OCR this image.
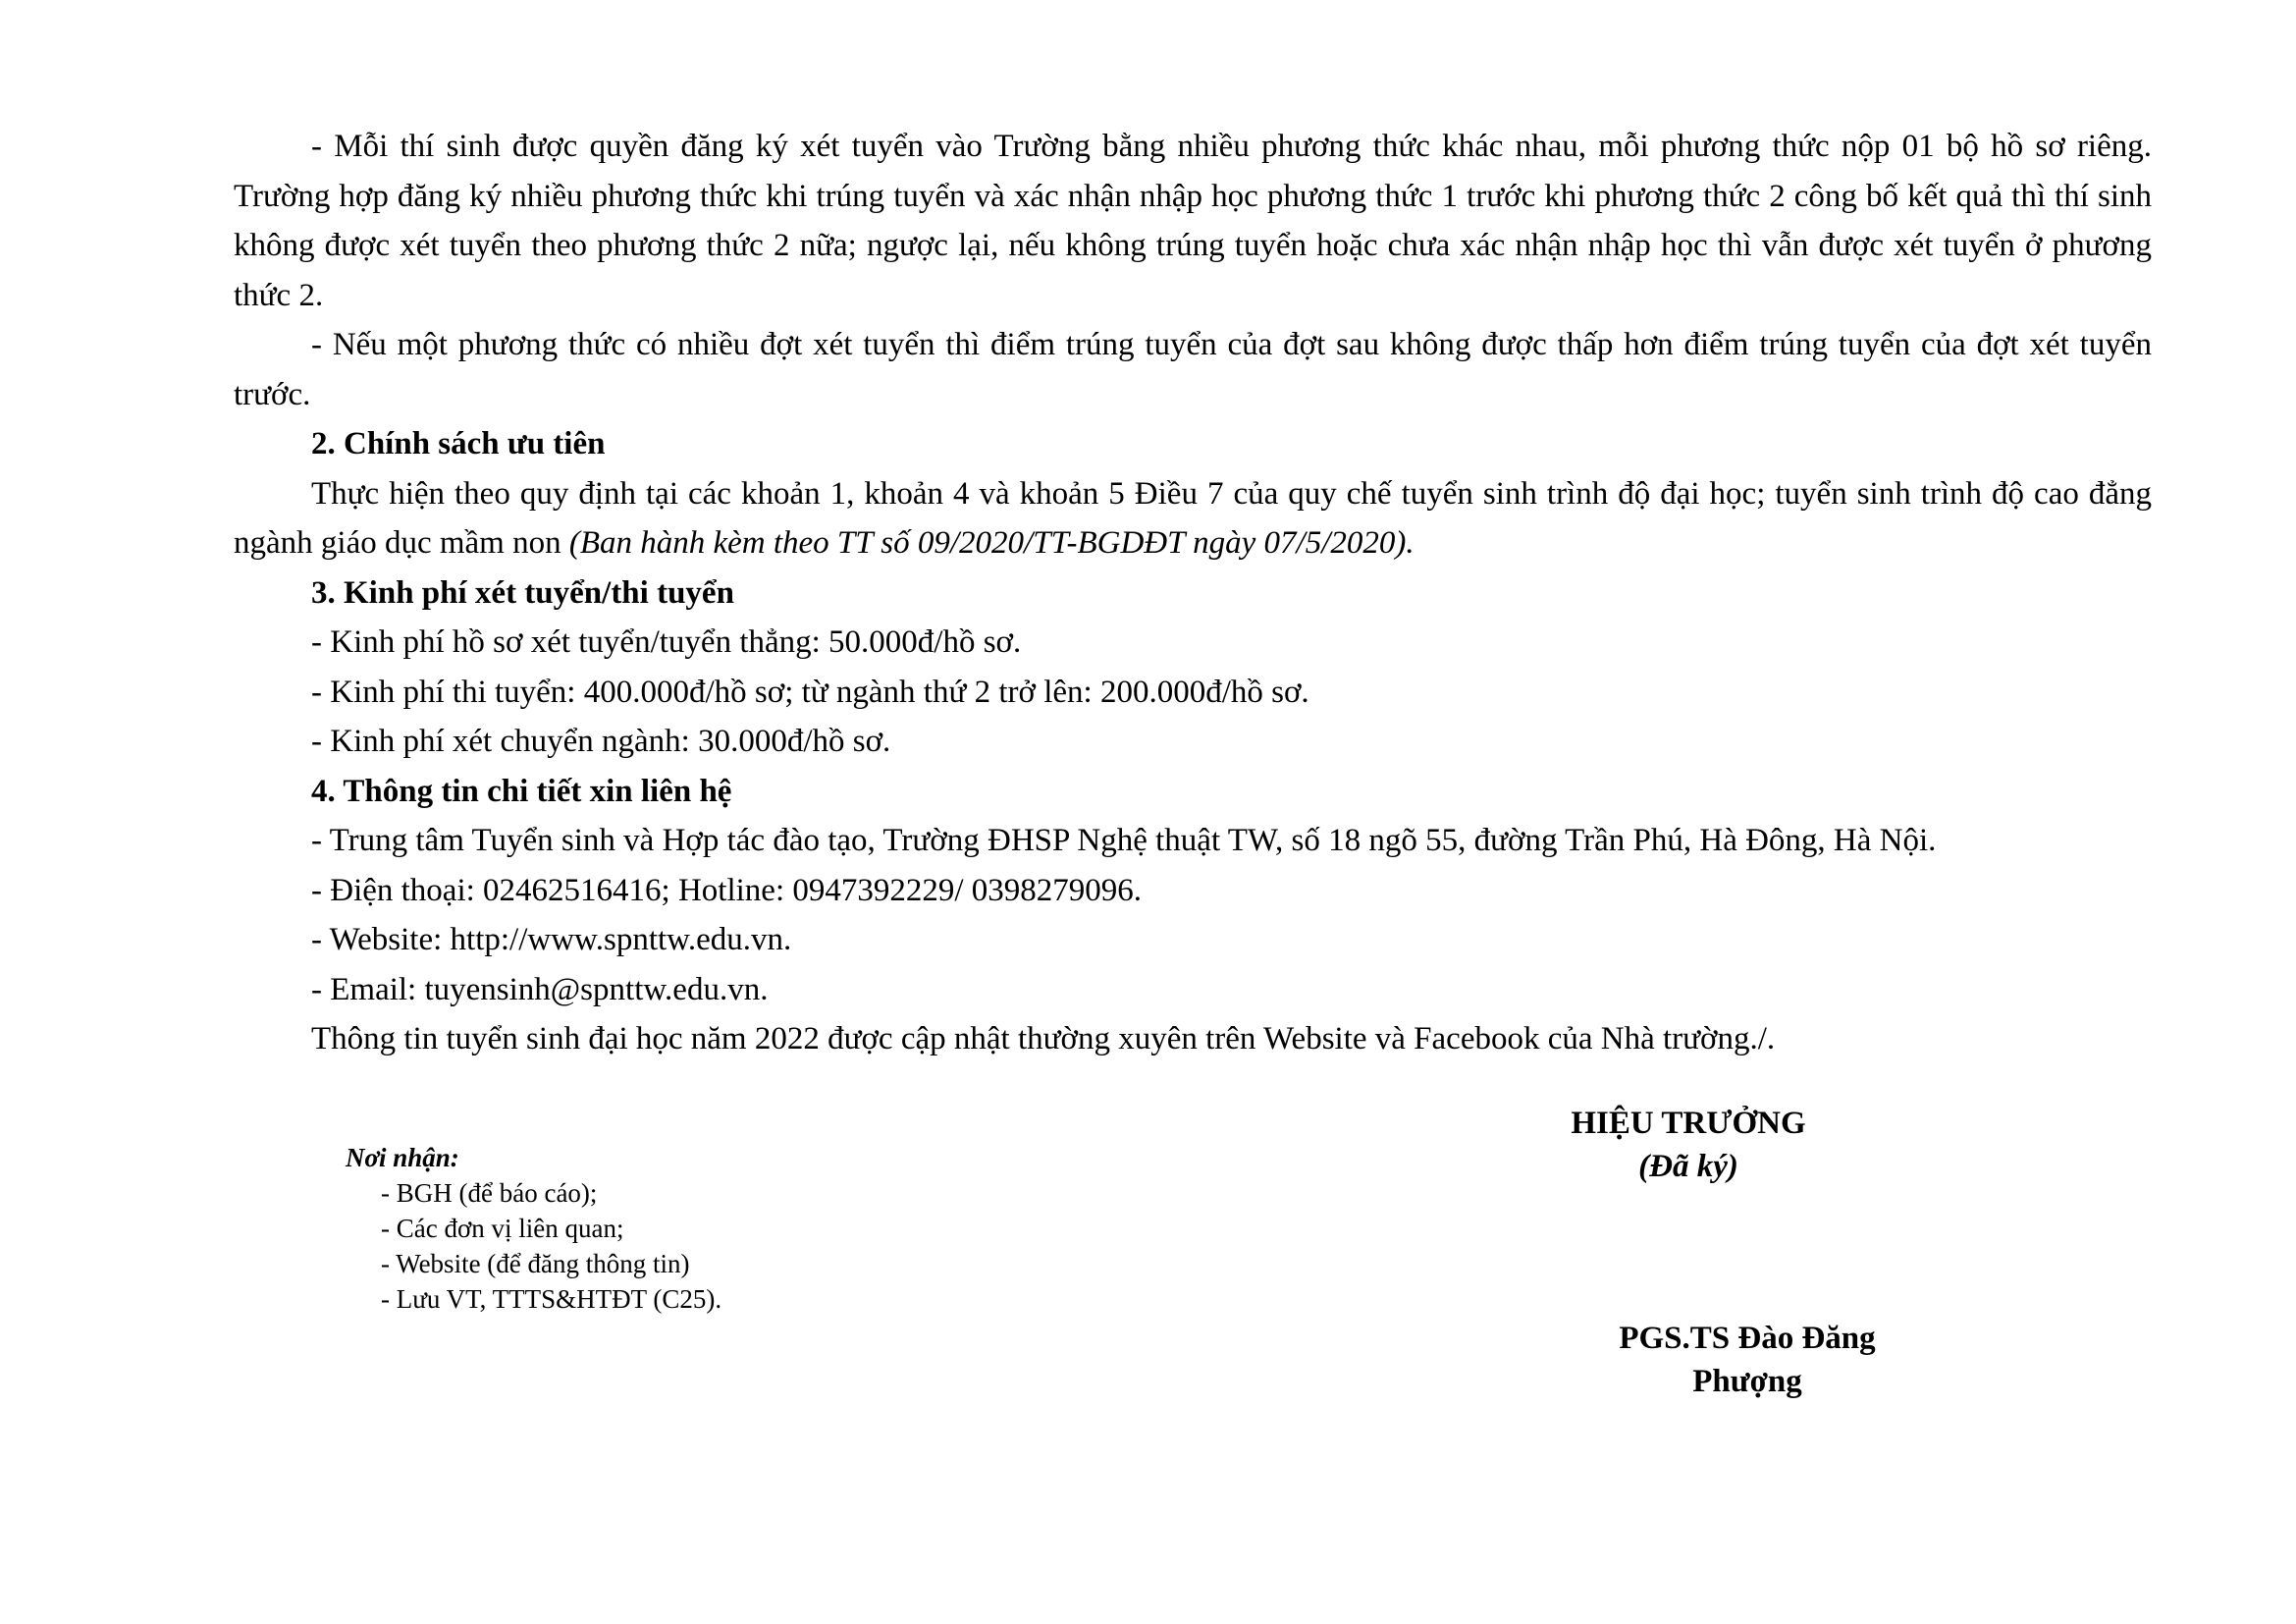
- Mỗi thí sinh được quyền đăng ký xét tuyển vào Trường bằng nhiều phương thức khác nhau, mỗi phương thức nộp 01 bộ hồ sơ riêng. Trường hợp đăng ký nhiều phương thức khi trúng tuyển và xác nhận nhập học phương thức 1 trước khi phương thức 2 công bố kết quả thì thí sinh không được xét tuyển theo phương thức 2 nữa; ngược lại, nếu không trúng tuyển hoặc chưa xác nhận nhập học thì vẫn được xét tuyển ở phương thức 2.

- Nếu một phương thức có nhiều đợt xét tuyển thì điểm trúng tuyển của đợt sau không được thấp hơn điểm trúng tuyển của đợt xét tuyển trước.

2. Chính sách ưu tiên

Thực hiện theo quy định tại các khoản 1, khoản 4 và khoản 5 Điều 7 của quy chế tuyển sinh trình độ đại học; tuyển sinh trình độ cao đẳng ngành giáo dục mầm non (Ban hành kèm theo TT số 09/2020/TT-BGDĐT ngày 07/5/2020).

3. Kinh phí xét tuyển/thi tuyển

- Kinh phí hồ sơ xét tuyển/tuyển thẳng: 50.000đ/hồ sơ.

- Kinh phí thi tuyển: 400.000đ/hồ sơ; từ ngành thứ 2 trở lên: 200.000đ/hồ sơ.

- Kinh phí xét chuyển ngành: 30.000đ/hồ sơ.

4. Thông tin chi tiết xin liên hệ

- Trung tâm Tuyển sinh và Hợp tác đào tạo, Trường ĐHSP Nghệ thuật TW, số 18 ngõ 55, đường Trần Phú, Hà Đông, Hà Nội.

- Điện thoại: 02462516416; Hotline: 0947392229/ 0398279096.

- Website: http://www.spnttw.edu.vn.

- Email: tuyensinh@spnttw.edu.vn.

Thông tin tuyển sinh đại học năm 2022 được cập nhật thường xuyên trên Website và Facebook của Nhà trường./.

Nơi nhận:

- BGH (để báo cáo);
- Các đơn vị liên quan;
- Website (để đăng thông tin)
- Lưu VT, TTTS&HTĐT (C25).
HIỆU TRƯỞNG
(Đã ký)
PGS.TS Đào Đăng Phượng
